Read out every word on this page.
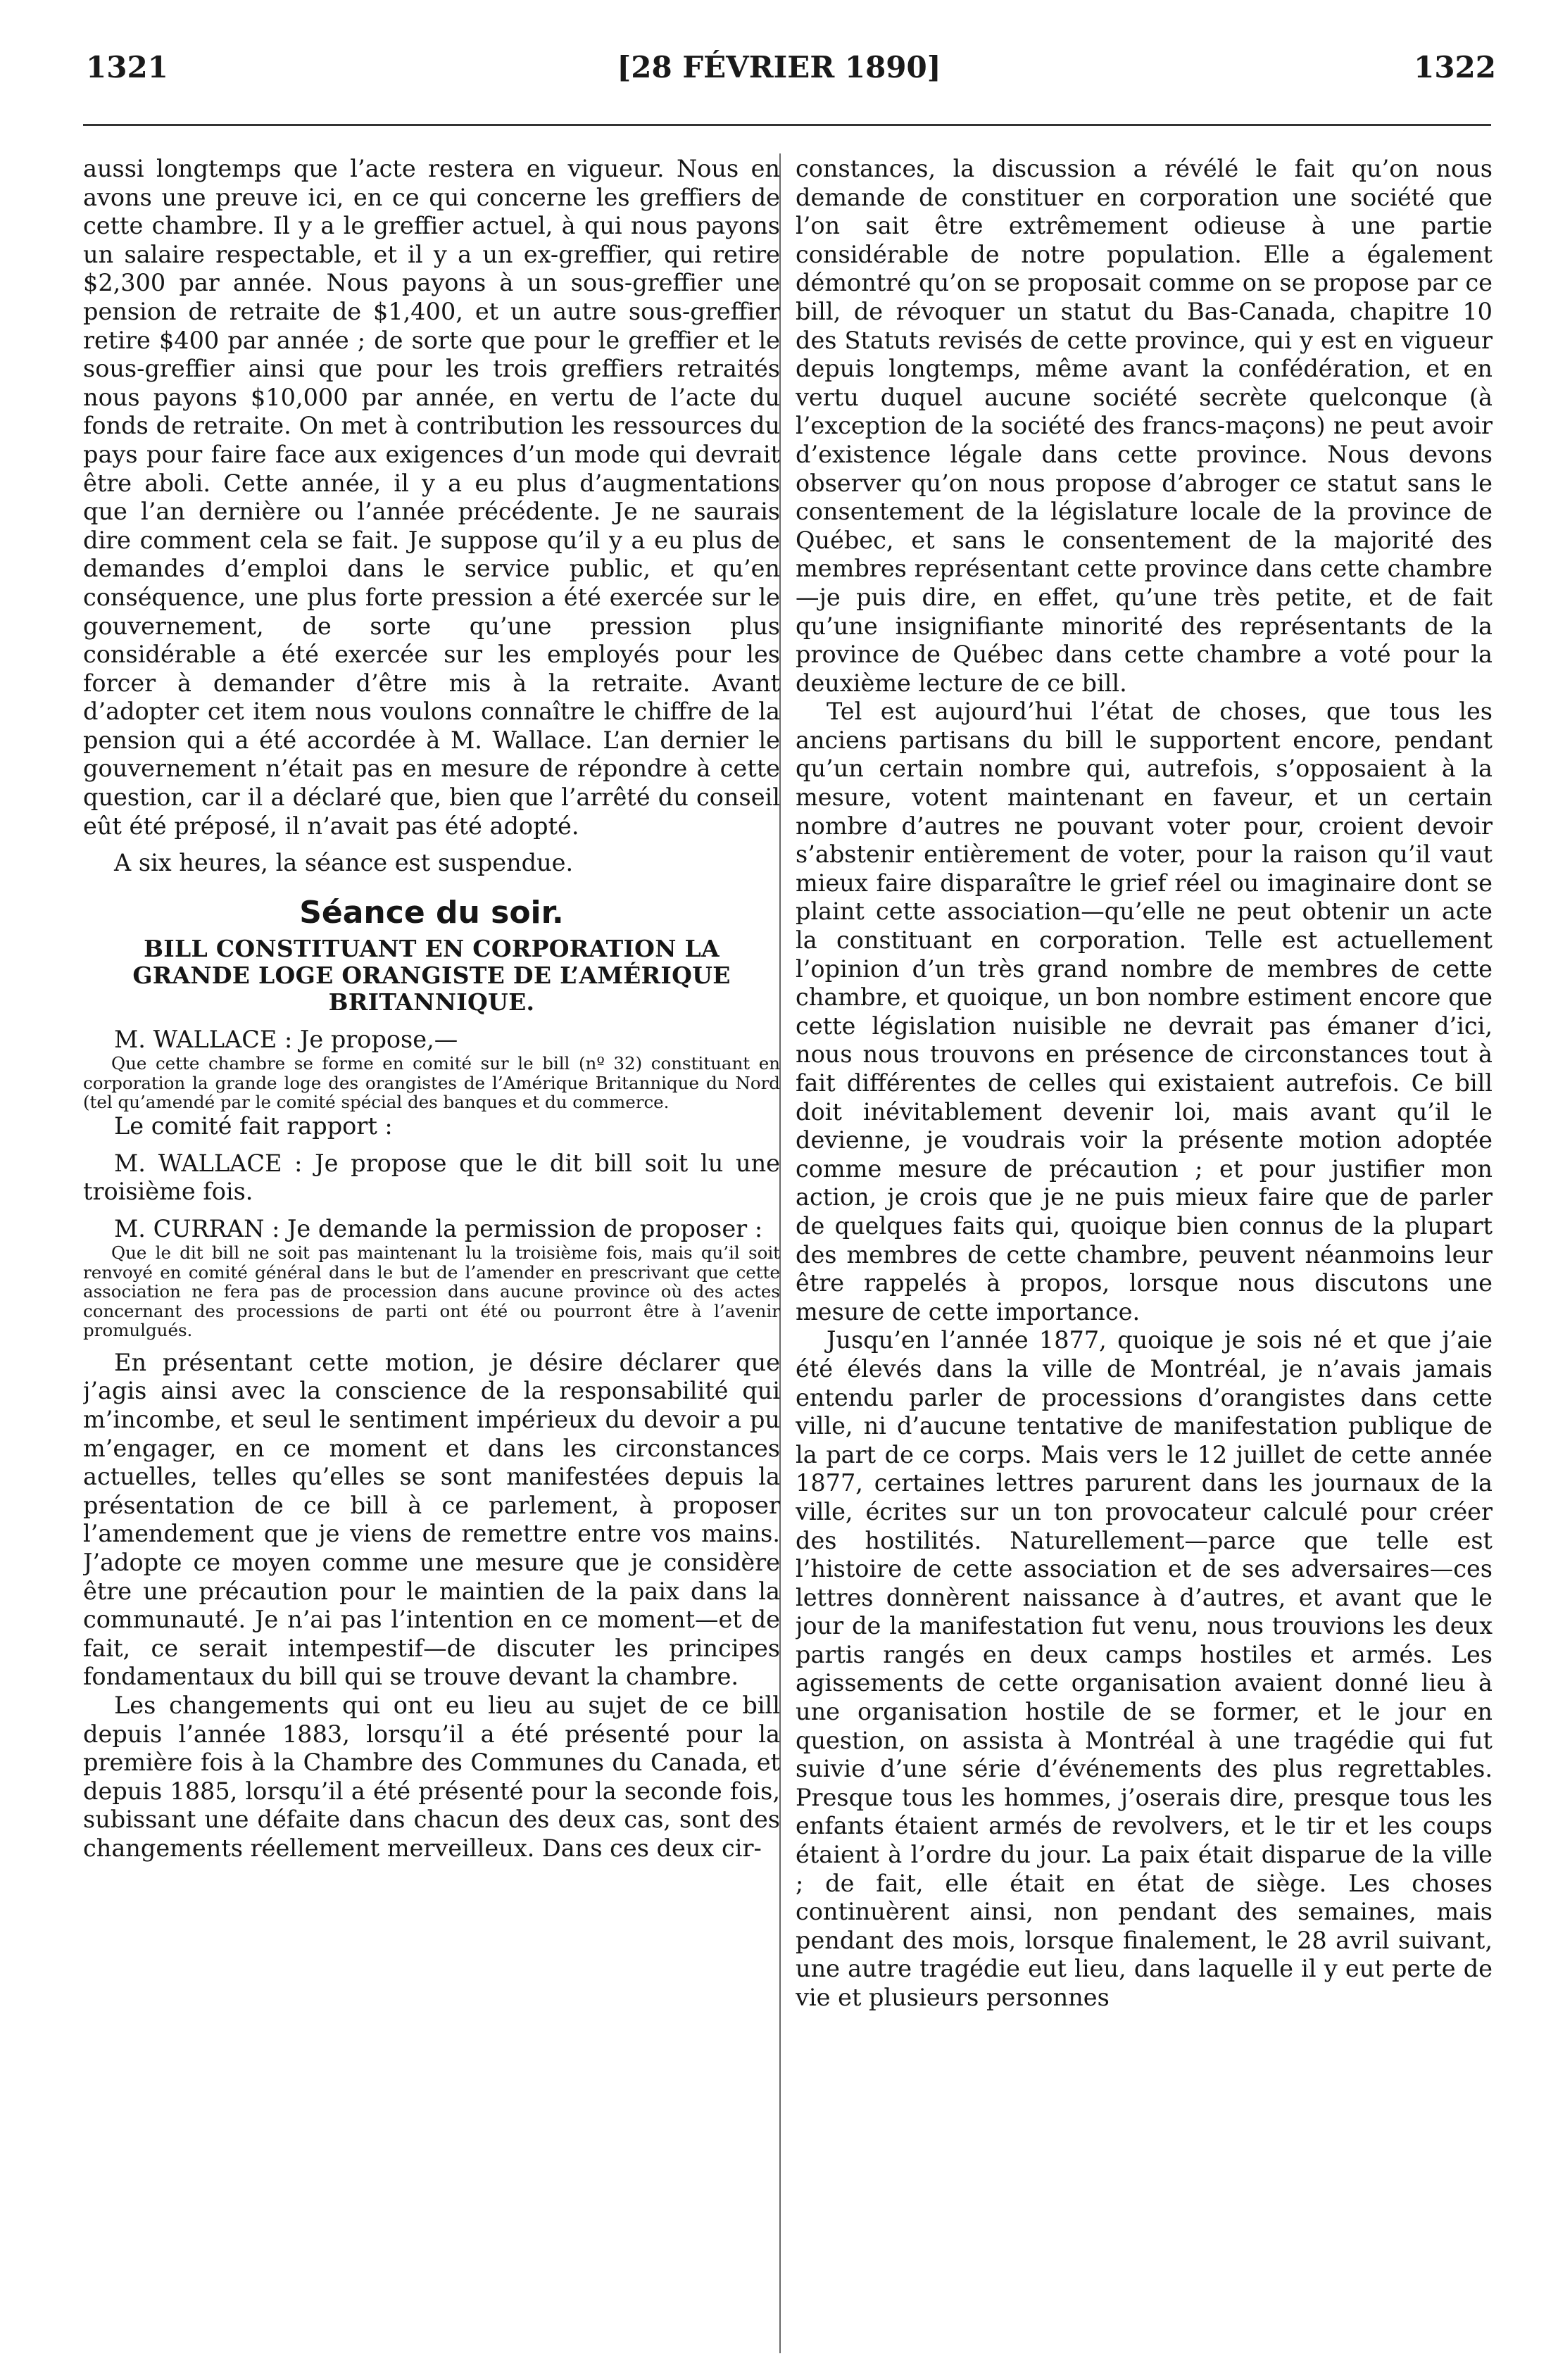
1321	[28 FÉVRIER 1890]	1322

aussi longtemps que l’acte restera en vigueur. Nous en avons une preuve ici, en ce qui concerne les greffiers de cette chambre. Il y a le greffier actuel, à qui nous payons un salaire respectable, et il y a un ex-greffier, qui retire $2,300 par année. Nous payons à un sous-greffier une pension de retraite de $1,400, et un autre sous-greffier retire $400 par année ; de sorte que pour le greffier et le sous-greffier ainsi que pour les trois greffiers retraités nous payons $10,000 par année, en vertu de l’acte du fonds de retraite. On met à contribution les ressources du pays pour faire face aux exigences d’un mode qui devrait être aboli. Cette année, il y a eu plus d’augmentations que l’an dernière ou l’année précédente. Je ne saurais dire comment cela se fait. Je suppose qu’il y a eu plus de demandes d’emploi dans le service public, et qu’en conséquence, une plus forte pression a été exercée sur le gouvernement, de sorte qu’une pression plus considérable a été exercée sur les employés pour les forcer à demander d’être mis à la retraite. Avant d’adopter cet item nous voulons connaître le chiffre de la pension qui a été accordée à M. Wallace. L’an dernier le gouvernement n’était pas en mesure de répondre à cette question, car il a déclaré que, bien que l’arrêté du conseil eût été préposé, il n’avait pas été adopté.

A six heures, la séance est suspendue.

Séance du soir.
BILL CONSTITUANT EN CORPORATION LA GRANDE LOGE ORANGISTE DE L’AMÉRIQUE BRITANNIQUE.

M. WALLACE : Je propose,—

Que cette chambre se forme en comité sur le bill (nº 32) constituant en corporation la grande loge des orangistes de l’Amérique Britannique du Nord (tel qu’amendé par le comité spécial des banques et du commerce.

Le comité fait rapport :

M. WALLACE : Je propose que le dit bill soit lu une troisième fois.

M. CURRAN : Je demande la permission de proposer :

Que le dit bill ne soit pas maintenant lu la troisième fois, mais qu’il soit renvoyé en comité général dans le but de l’amender en prescrivant que cette association ne fera pas de procession dans aucune province où des actes concernant des processions de parti ont été ou pourront être à l’avenir promulgués.

En présentant cette motion, je désire déclarer que j’agis ainsi avec la conscience de la responsabilité qui m’incombe, et seul le sentiment impérieux du devoir a pu m’engager, en ce moment et dans les circonstances actuelles, telles qu’elles se sont manifestées depuis la présentation de ce bill à ce parlement, à proposer l’amendement que je viens de remettre entre vos mains. J’adopte ce moyen comme une mesure que je considère être une précaution pour le maintien de la paix dans la communauté. Je n’ai pas l’intention en ce moment—et de fait, ce serait intempestif—de discuter les principes fondamentaux du bill qui se trouve devant la chambre.

Les changements qui ont eu lieu au sujet de ce bill depuis l’année 1883, lorsqu’il a été présenté pour la première fois à la Chambre des Communes du Canada, et depuis 1885, lorsqu’il a été présenté pour la seconde fois, subissant une défaite dans chacun des deux cas, sont des changements réellement merveilleux. Dans ces deux cir-

constances, la discussion a révélé le fait qu’on nous demande de constituer en corporation une société que l’on sait être extrêmement odieuse à une partie considérable de notre population. Elle a également démontré qu’on se proposait comme on se propose par ce bill, de révoquer un statut du Bas-Canada, chapitre 10 des Statuts revisés de cette province, qui y est en vigueur depuis longtemps, même avant la confédération, et en vertu duquel aucune société secrète quelconque (à l’exception de la société des francs-maçons) ne peut avoir d’existence légale dans cette province. Nous devons observer qu’on nous propose d’abroger ce statut sans le consentement de la législature locale de la province de Québec, et sans le consentement de la majorité des membres représentant cette province dans cette chambre—je puis dire, en effet, qu’une très petite, et de fait qu’une insignifiante minorité des représentants de la province de Québec dans cette chambre a voté pour la deuxième lecture de ce bill.

Tel est aujourd’hui l’état de choses, que tous les anciens partisans du bill le supportent encore, pendant qu’un certain nombre qui, autrefois, s’opposaient à la mesure, votent maintenant en faveur, et un certain nombre d’autres ne pouvant voter pour, croient devoir s’abstenir entièrement de voter, pour la raison qu’il vaut mieux faire disparaître le grief réel ou imaginaire dont se plaint cette association—qu’elle ne peut obtenir un acte la constituant en corporation. Telle est actuellement l’opinion d’un très grand nombre de membres de cette chambre, et quoique, un bon nombre estiment encore que cette législation nuisible ne devrait pas émaner d’ici, nous nous trouvons en présence de circonstances tout à fait différentes de celles qui existaient autrefois. Ce bill doit inévitablement devenir loi, mais avant qu’il le devienne, je voudrais voir la présente motion adoptée comme mesure de précaution ; et pour justifier mon action, je crois que je ne puis mieux faire que de parler de quelques faits qui, quoique bien connus de la plupart des membres de cette chambre, peuvent néanmoins leur être rappelés à propos, lorsque nous discutons une mesure de cette importance.

Jusqu’en l’année 1877, quoique je sois né et que j’aie été élevés dans la ville de Montréal, je n’avais jamais entendu parler de processions d’orangistes dans cette ville, ni d’aucune tentative de manifestation publique de la part de ce corps. Mais vers le 12 juillet de cette année 1877, certaines lettres parurent dans les journaux de la ville, écrites sur un ton provocateur calculé pour créer des hostilités. Naturellement—parce que telle est l’histoire de cette association et de ses adversaires—ces lettres donnèrent naissance à d’autres, et avant que le jour de la manifestation fut venu, nous trouvions les deux partis rangés en deux camps hostiles et armés. Les agissements de cette organisation avaient donné lieu à une organisation hostile de se former, et le jour en question, on assista à Montréal à une tragédie qui fut suivie d’une série d’événements des plus regrettables. Presque tous les hommes, j’oserais dire, presque tous les enfants étaient armés de revolvers, et le tir et les coups étaient à l’ordre du jour. La paix était disparue de la ville ; de fait, elle était en état de siège. Les choses continuèrent ainsi, non pendant des semaines, mais pendant des mois, lorsque finalement, le 28 avril suivant, une autre tragédie eut lieu, dans laquelle il y eut perte de vie et plusieurs personnes
